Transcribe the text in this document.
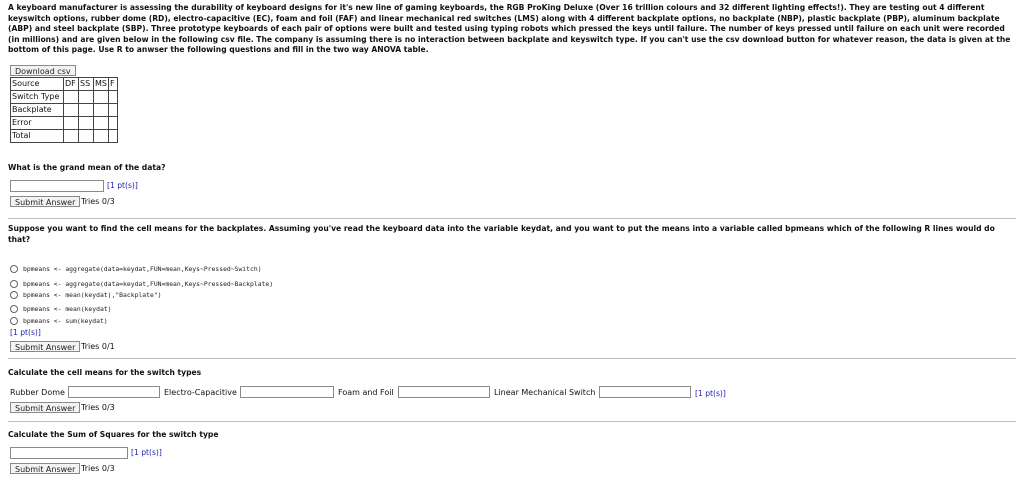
A keyboard manufacturer is assessing the durability of keyboard designs for it's new line of gaming keyboards, the RGB ProKing Deluxe (Over 16 trillion colours and 32 different lighting effects!). They are testing out 4 different keyswitch options, rubber dome (RD), electro-capacitive (EC), foam and foil (FAF) and linear mechanical red switches (LMS) along with 4 different backplate options, no backplate (NBP), plastic backplate (PBP), aluminum backplate (ABP) and steel backplate (SBP). Three prototype keyboards of each pair of options were built and tested using typing robots which pressed the keys until failure. The number of keys pressed until failure on each unit were recorded (in millions) and are given below in the following csv file. The company is assuming there is no interaction between backplate and keyswitch type. If you can't use the csv download button for whatever reason, the data is given at the bottom of this page. Use R to anwser the following questions and fill in the two way ANOVA table.
Download csv
Source	DF	SS	MS	F
Switch Type				
Backplate				
Error				
Total				
What is the grand mean of the data?
[1 pt(s)]
Submit Answer Tries 0/3
Suppose you want to find the cell means for the backplates. Assuming you've read the keyboard data into the variable keydat, and you want to put the means into a variable called bpmeans which of the following R lines would do that?
bpmeans <- aggregate(data=keydat,FUN=mean,Keys~Pressed~Switch)
bpmeans <- aggregate(data=keydat,FUN=mean,Keys~Pressed~Backplate)
bpmeans <- mean(keydat),"Backplate")
bpmeans <- mean(keydat)
bpmeans <- sum(keydat)
[1 pt(s)]
Submit Answer Tries 0/1
Calculate the cell means for the switch types
Rubber Dome	Electro-Capacitive	Foam and Foil	Linear Mechanical Switch	[1 pt(s)]
Submit Answer Tries 0/3
Calculate the Sum of Squares for the switch type
[1 pt(s)]
Submit Answer Tries 0/3
